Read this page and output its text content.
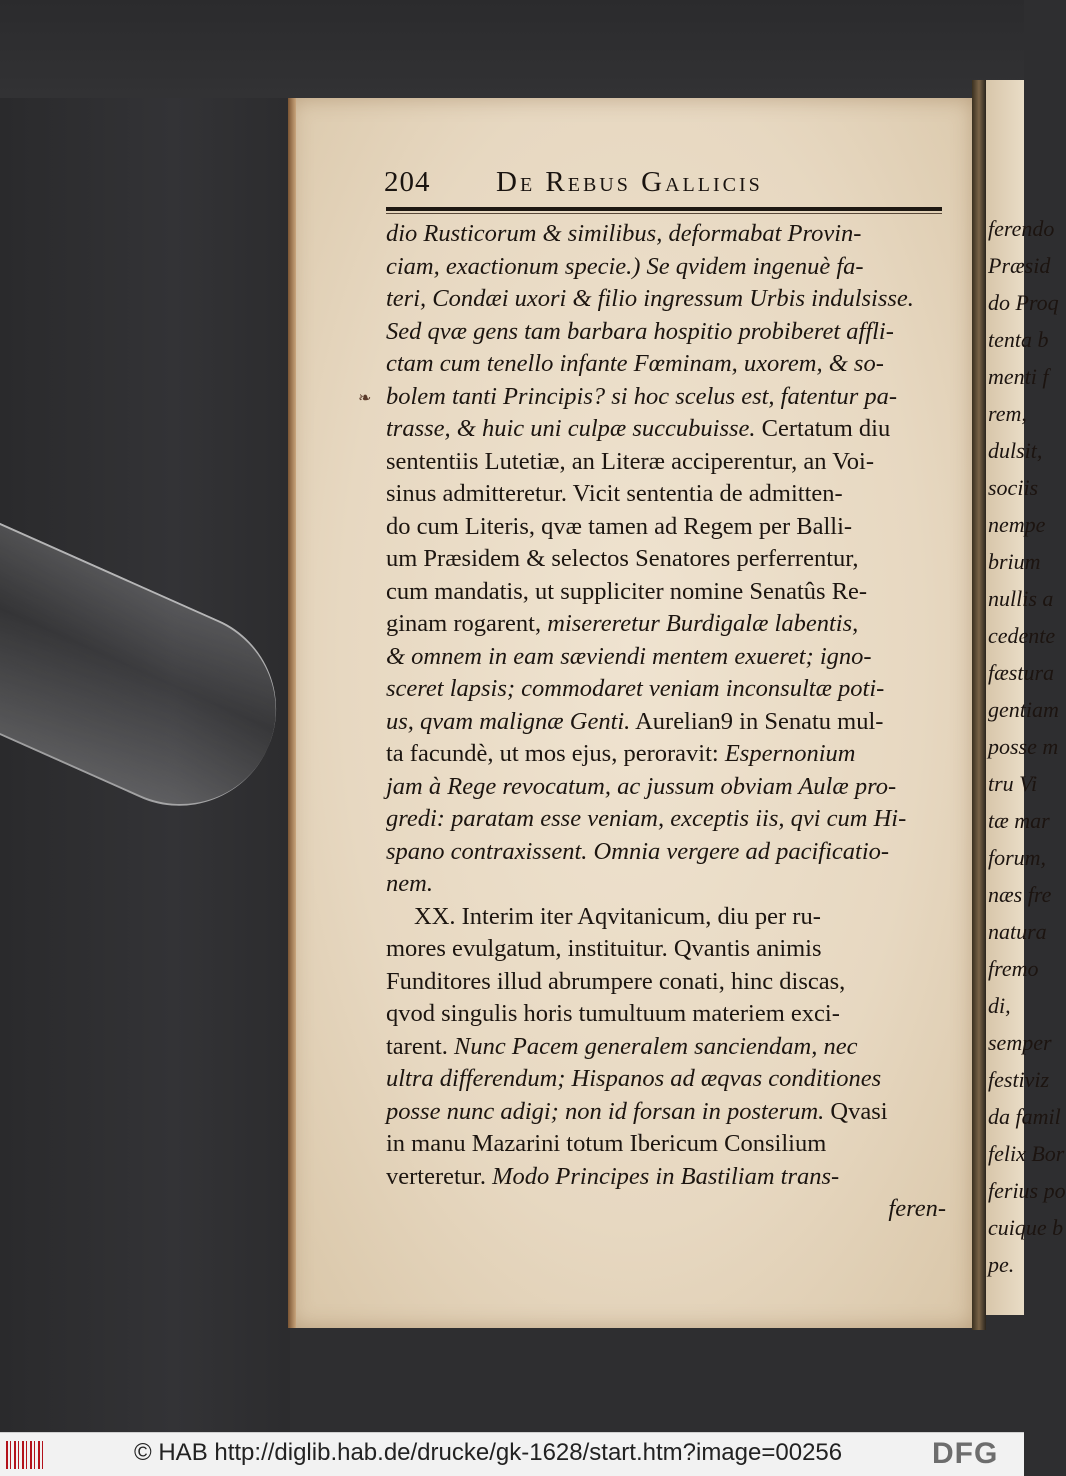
ferendo
Præsid
do Proq
tenta b
menti f
rem,
dulsit,
sociis
nempe
brium
nullis a
cedente
fæstura
gentiam
posse m
tru Vi
tæ mar
forum,
næs fre
natura
fremo
di,
semper
festiviz
da famil
felix Bor
ferius po
cuique b
pe.
204 De Rebus Gallicis
❧
dio Rusticorum & similibus, deformabat Provin-
ciam, exactionum specie.) Se qvidem ingenuè fa-
teri, Condæi uxori & filio ingressum Urbis indulsisse.
Sed qvæ gens tam barbara hospitio probiberet affli-
ctam cum tenello infante Fœminam, uxorem, & so-
bolem tanti Principis? si hoc scelus est, fatentur pa-
trasse, & huic uni culpæ succubuisse. Certatum diu
sententiis Lutetiæ, an Literæ acciperentur, an Voi-
sinus admitteretur. Vicit sententia de admitten-
do cum Literis, qvæ tamen ad Regem per Balli-
um Præsidem & selectos Senatores perferrentur,
cum mandatis, ut suppliciter nomine Senatûs Re-
ginam rogarent, misereretur Burdigalæ labentis,
& omnem in eam sæviendi mentem exueret; igno-
sceret lapsis; commodaret veniam inconsultæ poti-
us, qvam malignæ Genti. Aurelian9 in Senatu mul-
ta facundè, ut mos ejus, peroravit: Espernonium
jam à Rege revocatum, ac jussum obviam Aulæ pro-
gredi: paratam esse veniam, exceptis iis, qvi cum Hi-
spano contraxissent. Omnia vergere ad pacificatio-
nem.
XX. Interim iter Aqvitanicum, diu per ru-
mores evulgatum, instituitur. Qvantis animis
Funditores illud abrumpere conati, hinc discas,
qvod singulis horis tumultuum materiem exci-
tarent. Nunc Pacem generalem sanciendam, nec
ultra differendum; Hispanos ad æqvas conditiones
posse nunc adigi; non id forsan in posterum. Qvasi
in manu Mazarini totum Ibericum Consilium
verteretur. Modo Principes in Bastiliam trans-
feren-
© HAB http://diglib.hab.de/drucke/gk-1628/start.htm?image=00256	DFG
